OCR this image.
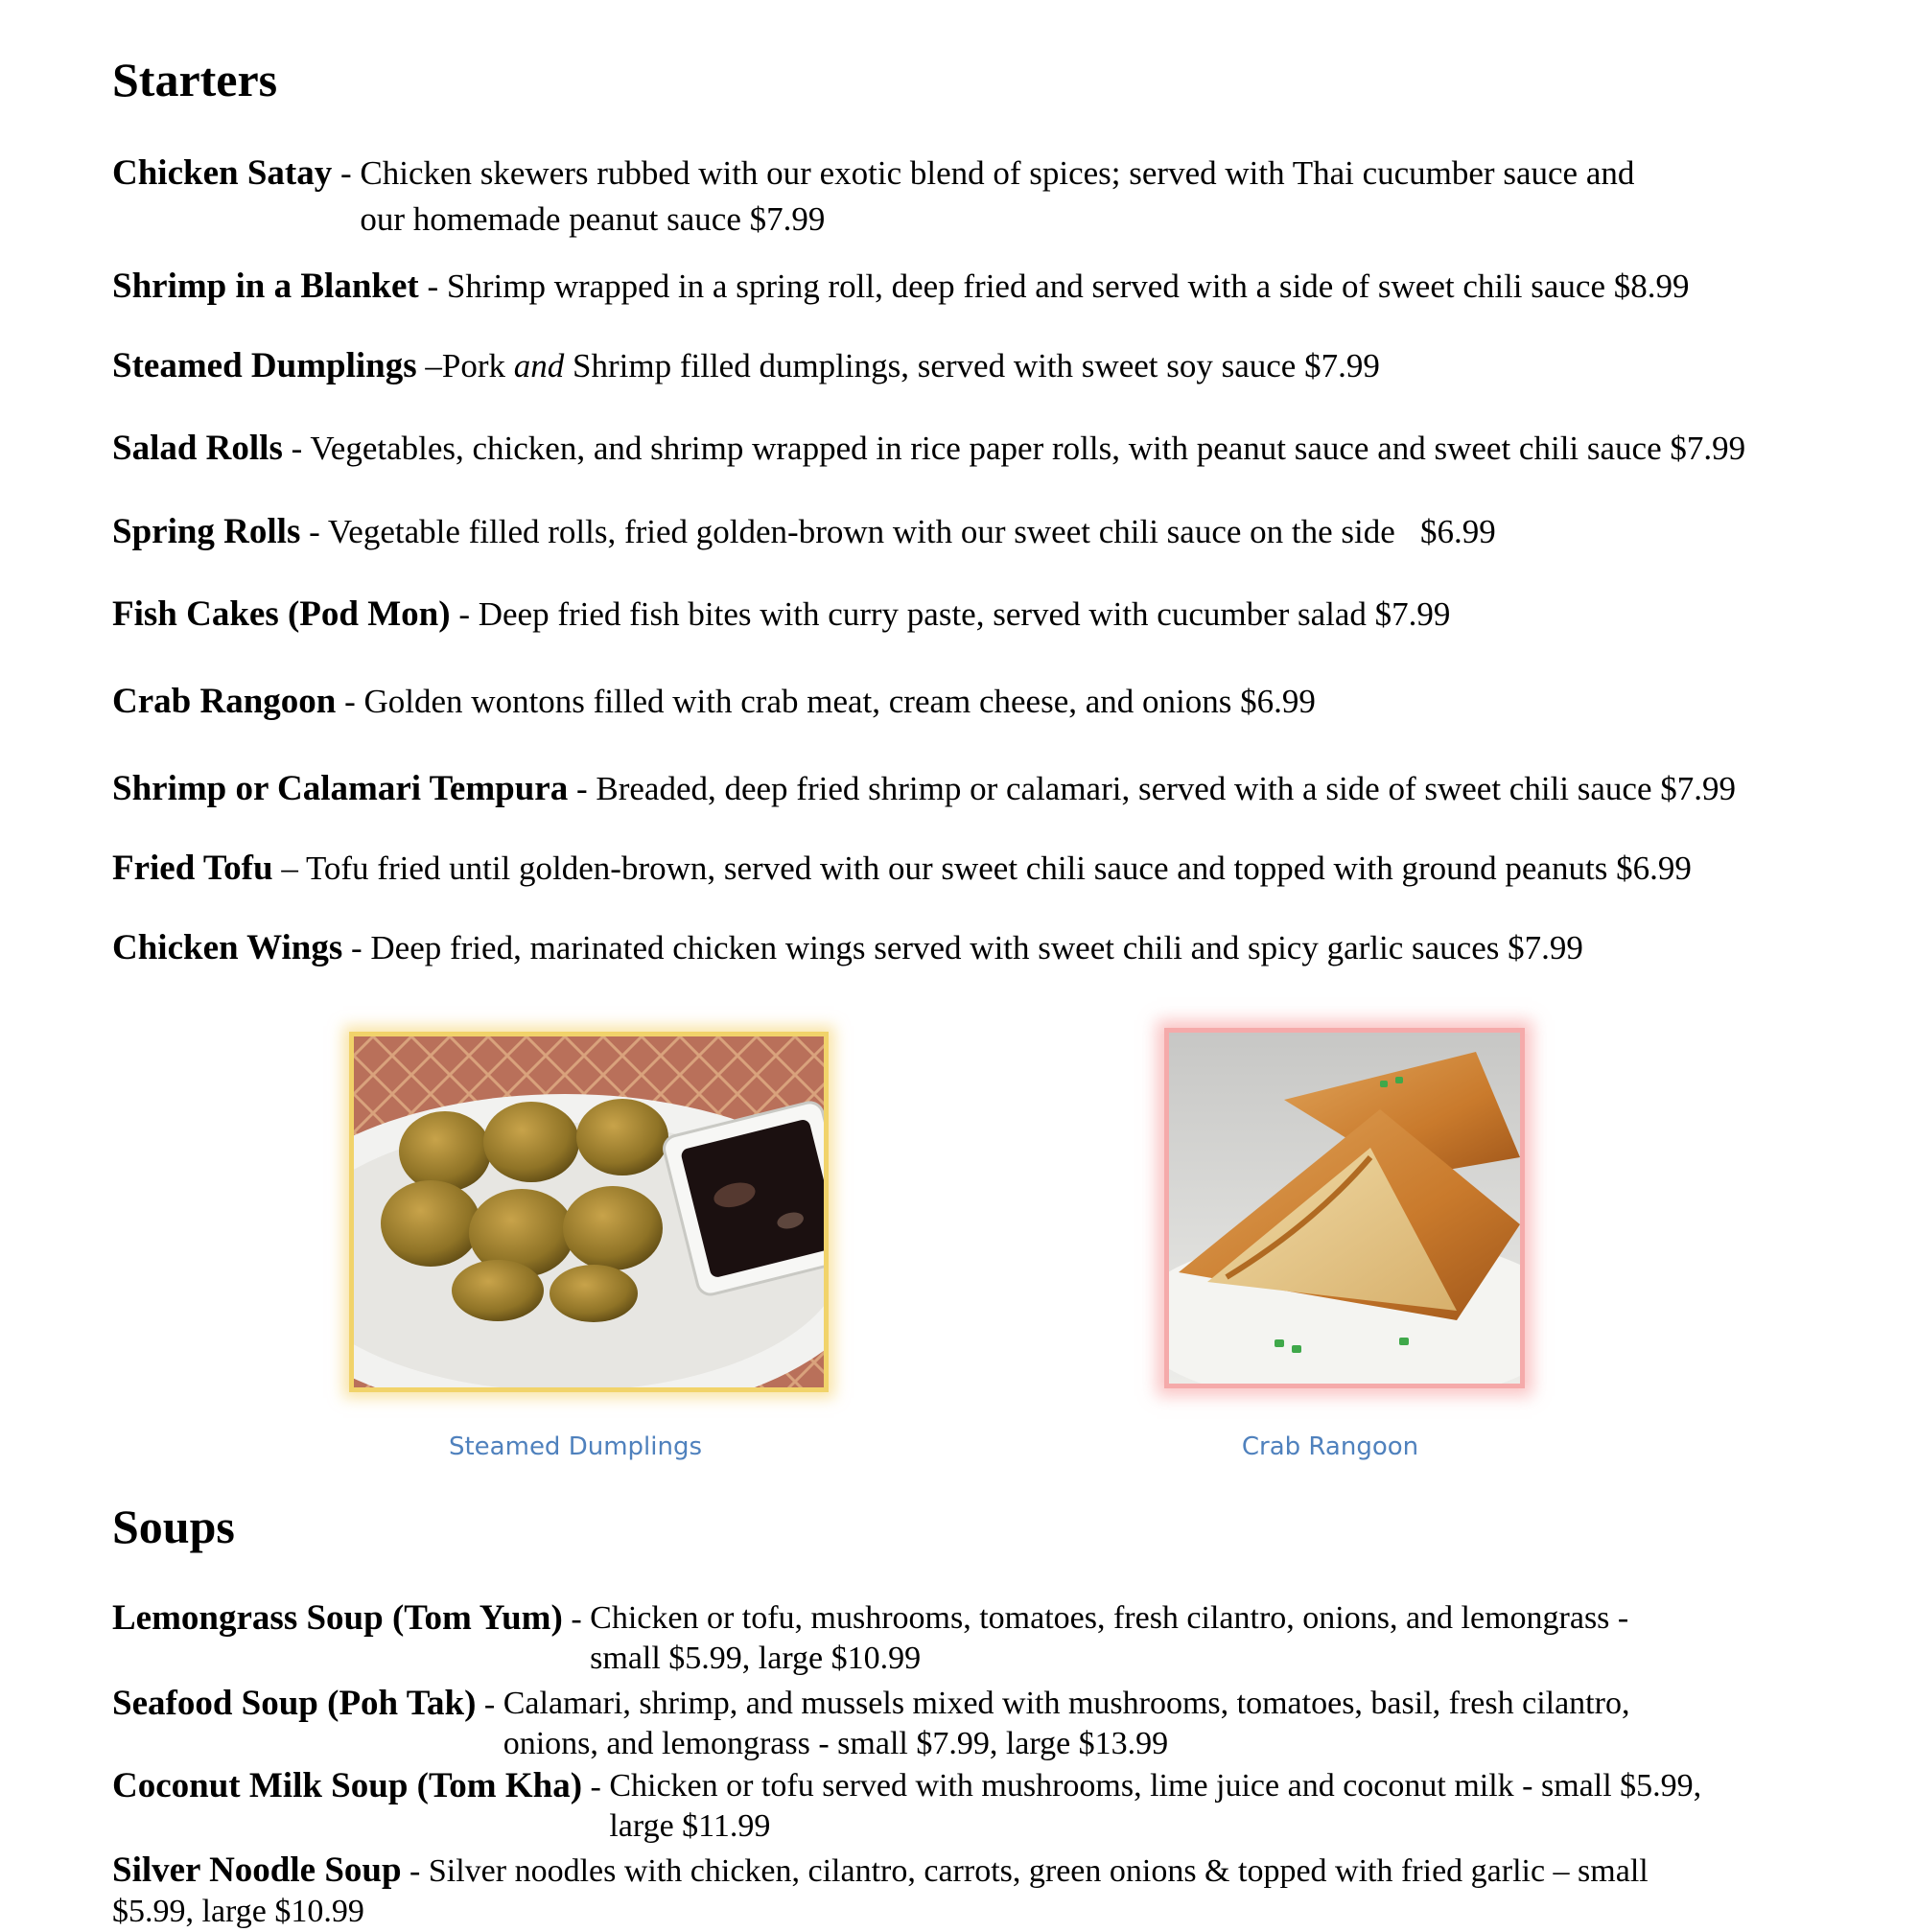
Starters

Chicken Satay - Chicken skewers rubbed with our exotic blend of spices; served with Thai cucumber sauce and
our homemade peanut sauce $7.99

Shrimp in a Blanket - Shrimp wrapped in a spring roll, deep fried and served with a side of sweet chili sauce $8.99

Steamed Dumplings –Pork and Shrimp filled dumplings, served with sweet soy sauce $7.99

Salad Rolls - Vegetables, chicken, and shrimp wrapped in rice paper rolls, with peanut sauce and sweet chili sauce $7.99

Spring Rolls - Vegetable filled rolls, fried golden-brown with our sweet chili sauce on the side   $6.99

Fish Cakes (Pod Mon) - Deep fried fish bites with curry paste, served with cucumber salad $7.99

Crab Rangoon - Golden wontons filled with crab meat, cream cheese, and onions $6.99

Shrimp or Calamari Tempura - Breaded, deep fried shrimp or calamari, served with a side of sweet chili sauce $7.99

Fried Tofu – Tofu fried until golden-brown, served with our sweet chili sauce and topped with ground peanuts $6.99

Chicken Wings - Deep fried, marinated chicken wings served with sweet chili and spicy garlic sauces $7.99

Steamed Dumplings	Crab Rangoon

Soups

Lemongrass Soup (Tom Yum) - Chicken or tofu, mushrooms, tomatoes, fresh cilantro, onions, and lemongrass -
small $5.99, large $10.99

Seafood Soup (Poh Tak) - Calamari, shrimp, and mussels mixed with mushrooms, tomatoes, basil, fresh cilantro,
onions, and lemongrass - small $7.99, large $13.99

Coconut Milk Soup (Tom Kha) - Chicken or tofu served with mushrooms, lime juice and coconut milk - small $5.99,
large $11.99

Silver Noodle Soup - Silver noodles with chicken, cilantro, carrots, green onions & topped with fried garlic – small
$5.99, large $10.99
